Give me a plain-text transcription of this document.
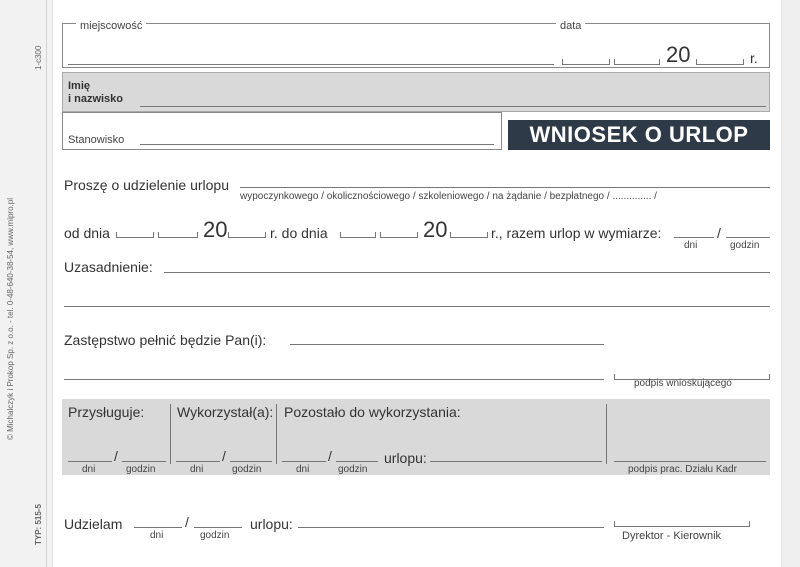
1-c300
© Michalczyk i Prokop Sp. z o.o. - tel. 0-48-640-38-54, www.mipro.pl
TYP: 515-5
miejscowość	data
20	r.
Imię
i nazwisko
Stanowisko	WNIOSEK O URLOP
Proszę o udzielenie urlopu
wypoczynkowego / okolicznościowego / szkoleniowego / na żądanie / bezpłatnego / .............. /
od dnia	20	r. do dnia	20	r., razem urlop w wymiarze:	/
dni	godzin
Uzasadnienie:
Zastępstwo pełnić będzie Pan(i):
podpis wnioskującego
Przysługuje: Wykorzystał(a): Pozostało do wykorzystania:
/
dni	godzin
/
dni	godzin
/
dni	godzin
urlopu:
podpis prac. Działu Kadr
Udzielam	/
dni	godzin
urlopu:
Dyrektor - Kierownik
